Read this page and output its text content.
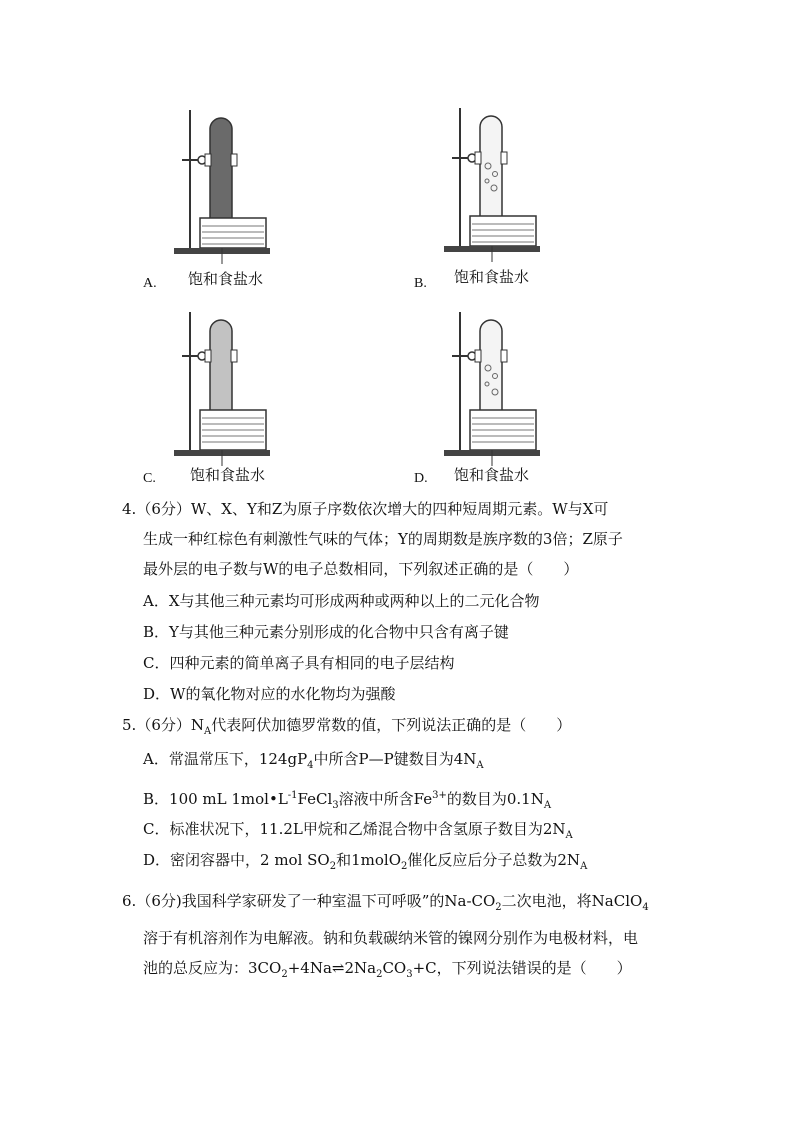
A. 饱和食盐水	B. 饱和食盐水
C. 饱和食盐水	D. 饱和食盐水

4.（6分）W、X、Y和Z为原子序数依次增大的四种短周期元素。W与X可

生成一种红棕色有刺激性气味的气体；Y的周期数是族序数的3倍；Z原子

最外层的电子数与W的电子总数相同，下列叙述正确的是（　　）

A．X与其他三种元素均可形成两种或两种以上的二元化合物
B．Y与其他三种元素分别形成的化合物中只含有离子键
C．四种元素的简单离子具有相同的电子层结构
D．W的氧化物对应的水化物均为强酸

5.（6分）$N_A$代表阿伏加德罗常数的值，下列说法正确的是（　　）

A．常温常压下，$124gP_4$中所含P—P键数目为$4N_A$
B．100 mL $1mol•L^{-1}FeCl_3$溶液中所含$Fe^{3+}$的数目为$0.1N_A$
C．标准状况下，11.2L甲烷和乙烯混合物中含氢原子数目为$2N_A$
D．密闭容器中，2 mol $SO_2$和1molO$_2$催化反应后分子总数为$2N_A$

6.（6分)我国科学家研发了一种室温下可呼吸”的$Na-CO_2$二次电池，将NaClO$_4$

溶于有机溶剂作为电解液。钠和负载碳纳米管的镍网分别作为电极材料，电

池的总反应为：$3CO_2+4Na\rightleftharpoons 2Na_2CO_3+C$，下列说法错误的是（　　）
